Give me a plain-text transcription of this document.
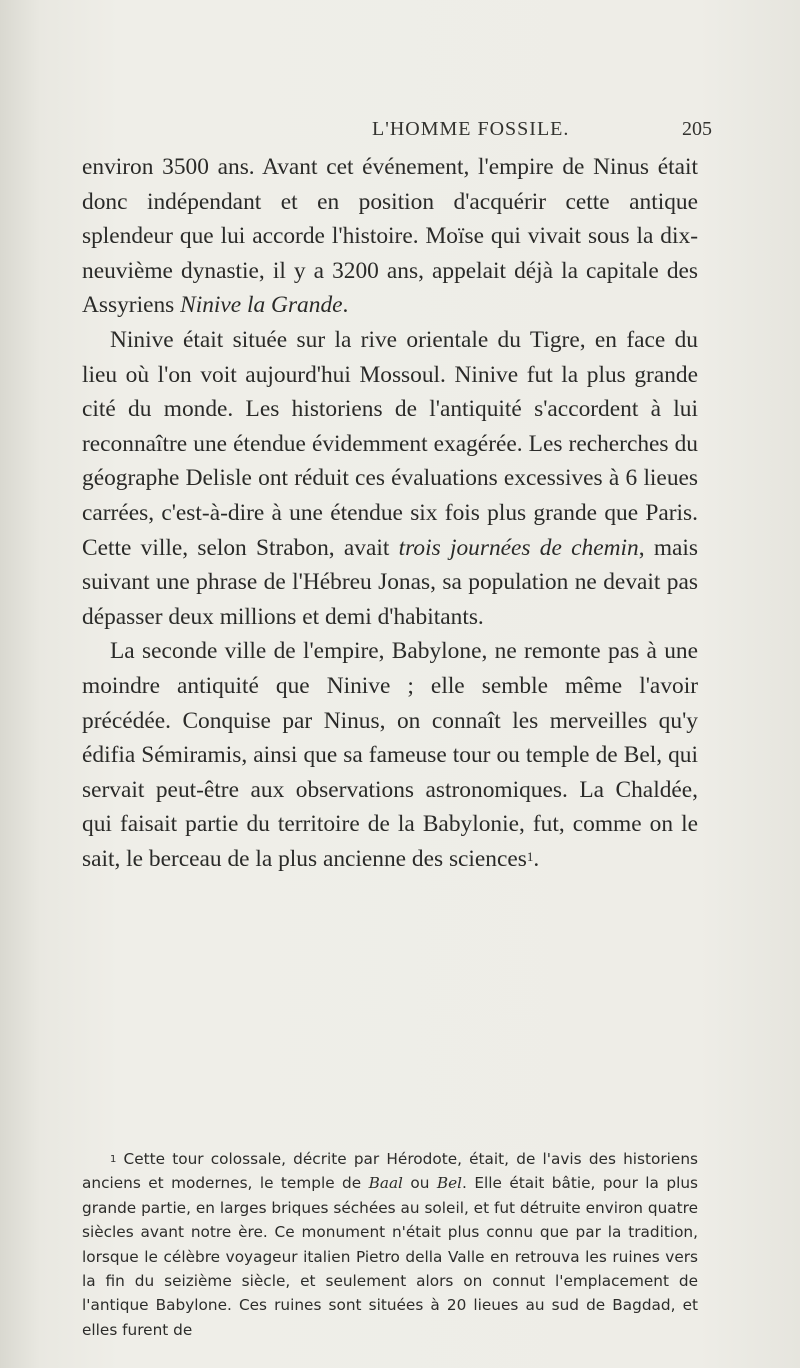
L'HOMME FOSSILE.	205

environ 3500 ans. Avant cet événement, l'empire de Ninus était donc indépendant et en position d'acquérir cette antique splendeur que lui accorde l'histoire. Moïse qui vivait sous la dix-neuvième dynastie, il y a 3200 ans, appelait déjà la capitale des Assyriens Ninive la Grande.

Ninive était située sur la rive orientale du Tigre, en face du lieu où l'on voit aujourd'hui Mossoul. Ninive fut la plus grande cité du monde. Les historiens de l'antiquité s'accordent à lui reconnaître une étendue évidemment exagérée. Les recherches du géographe Delisle ont réduit ces évaluations excessives à 6 lieues carrées, c'est-à-dire à une étendue six fois plus grande que Paris. Cette ville, selon Strabon, avait trois journées de chemin, mais suivant une phrase de l'Hébreu Jonas, sa population ne devait pas dépasser deux millions et demi d'habitants.

La seconde ville de l'empire, Babylone, ne remonte pas à une moindre antiquité que Ninive ; elle semble même l'avoir précédée. Conquise par Ninus, on connaît les merveilles qu'y édifia Sémiramis, ainsi que sa fameuse tour ou temple de Bel, qui servait peut-être aux observations astronomiques. La Chaldée, qui faisait partie du territoire de la Babylonie, fut, comme on le sait, le berceau de la plus ancienne des sciences$^1$.

$^1$ Cette tour colossale, décrite par Hérodote, était, de l'avis des historiens anciens et modernes, le temple de Baal ou Bel. Elle était bâtie, pour la plus grande partie, en larges briques séchées au soleil, et fut détruite environ quatre siècles avant notre ère. Ce monument n'était plus connu que par la tradition, lorsque le célèbre voyageur italien Pietro della Valle en retrouva les ruines vers la fin du seizième siècle, et seulement alors on connut l'emplacement de l'antique Babylone. Ces ruines sont situées à 20 lieues au sud de Bagdad, et elles furent de
